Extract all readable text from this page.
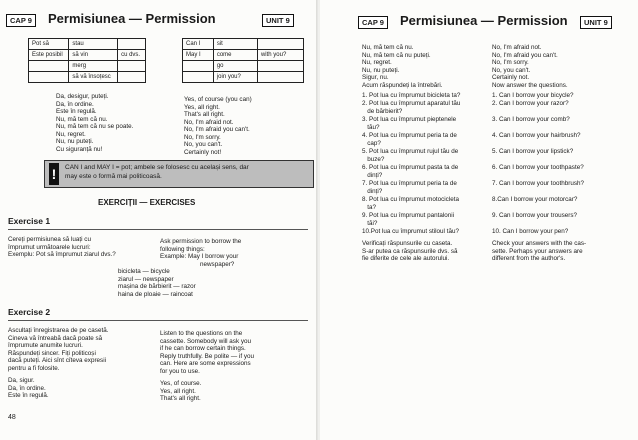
CAP 9	Permisiunea — Permission	UNIT 9
Pot să	stau	
Este posibil	să vin	cu dvs.
	merg	
	să vă însoțesc	
Can I	sit	
May I	come	with you?
	go	
	join you?	
Da, desigur, puteți.
Da, în ordine.
Este în regulă.
Nu, mă tem că nu.
Nu, mă tem că nu se poate.
Nu, regret.
Nu, nu puteți.
Cu siguranță nu!
Yes, of course (you can)
Yes, all right.
That's all right.
No, I'm afraid not.
No, I'm afraid you can't.
No, I'm sorry.
No, you can't.
Certainly not!
!	CAN I and MAY I = pot; ambele se folosesc cu același sens, dar
may este o formă mai politicoasă.
EXERCIȚII — EXERCISES
Exercise 1
Cereți permisiunea să luați cu
împrumut următoarele lucruri:
Exemplu: Pot să împrumut ziarul dvs.?
Ask permission to borrow the
following things:
Example: May I borrow your
newspaper?
bicicleta — bicycle
ziarul — newspaper
mașina de bărbierit — razor
haina de ploaie — raincoat
Exercise 2
Ascultați înregistrarea de pe casetă.
Cineva vă întreabă dacă poate să
împrumute anumite lucruri.
Răspundeți sincer. Fiți politicoși
dacă puteți. Aici sînt cîteva expresii
pentru a fi folosite.
Da, sigur.
Da, în ordine.
Este în regulă.
Listen to the questions on the
cassette. Somebody will ask you
if he can borrow certain things.
Reply truthfully. Be polite — if you
can. Here are some expressions
for you to use.
Yes, of course.
Yes, all right.
That's all right.
48
CAP 9	Permisiunea — Permission	UNIT 9
Nu, mă tem că nu.
Nu, mă tem că nu puteți.
Nu, regret.
Nu, nu puteți.
Sigur, nu.
Acum răspundeți la întrebări.
No, I'm afraid not.
No, I'm afraid you can't.
No, I'm sorry.
No, you can't.
Certainly not.
Now answer the questions.
1. Pot lua cu împrumut bicicleta ta?
2. Pot lua cu împrumut aparatul tău
de bărbierit?
3. Pot lua cu împrumut pieptenele
tău?
4. Pot lua cu împrumut peria ta de
cap?
5. Pot lua cu împrumut rujul tău de
buze?
6. Pot lua cu împrumut pasta ta de
dinți?
7. Pot lua cu împrumut peria ta de
dinți?
8. Pot lua cu împrumut motocicleta
ta?
9. Pot lua cu împrumut pantalonii
tăi?
10.Pot lua cu împrumut stiloul tău?
1. Can I borrow your bicycle?
2. Can I borrow your razor?
3. Can I borrow your comb?
4. Can I borrow your hairbrush?
5. Can I borrow your lipstick?
6. Can I borrow your toothpaste?
7. Can I borrow your toothbrush?
8.Can I borrow your motorcar?
9. Can I borrow your trousers?
10. Can I borrow your pen?
Verificați răspunsurile cu caseta.
S-ar putea ca răspunsurile dvs. să
fie diferite de cele ale autorului.
Check your answers with the cas-
sette. Perhaps your answers are
different from the author's.
